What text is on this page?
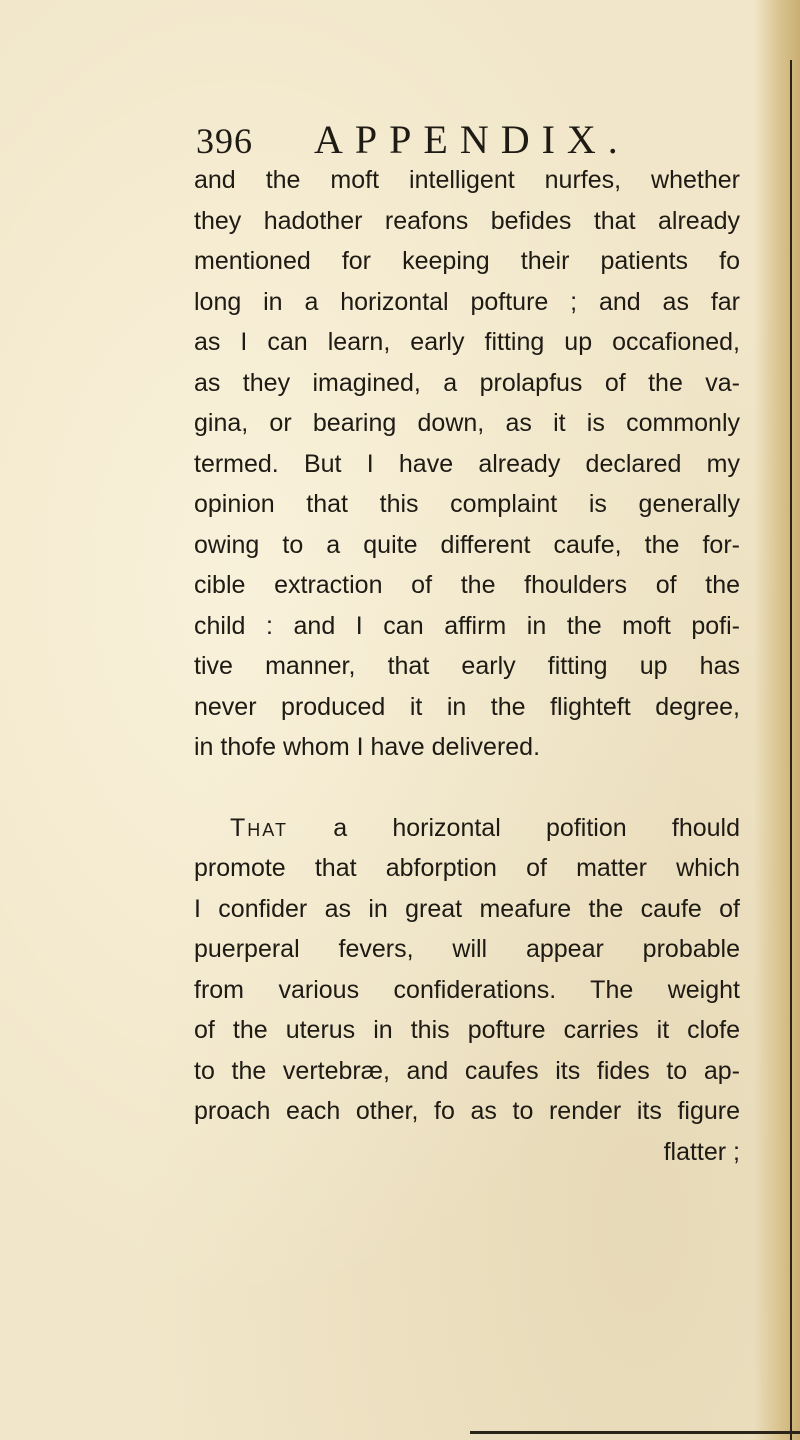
396	APPENDIX.
and the moft intelligent nurfes, whether
they hadother reafons befides that already
mentioned for keeping their patients fo
long in a horizontal pofture ; and as far
as I can learn, early fitting up occafioned,
as they imagined, a prolapfus of the va-
gina, or bearing down, as it is commonly
termed. But I have already declared my
opinion that this complaint is generally
owing to a quite different caufe, the for-
cible extraction of the fhoulders of the
child : and I can affirm in the moft pofi-
tive manner, that early fitting up has
never produced it in the flighteft degree,
in thofe whom I have delivered.
That a horizontal pofition fhould
promote that abforption of matter which
I confider as in great meafure the caufe of
puerperal fevers, will appear probable
from various confiderations. The weight
of the uterus in this pofture carries it clofe
to the vertebræ, and caufes its fides to ap-
proach each other, fo as to render its figure
flatter ;
